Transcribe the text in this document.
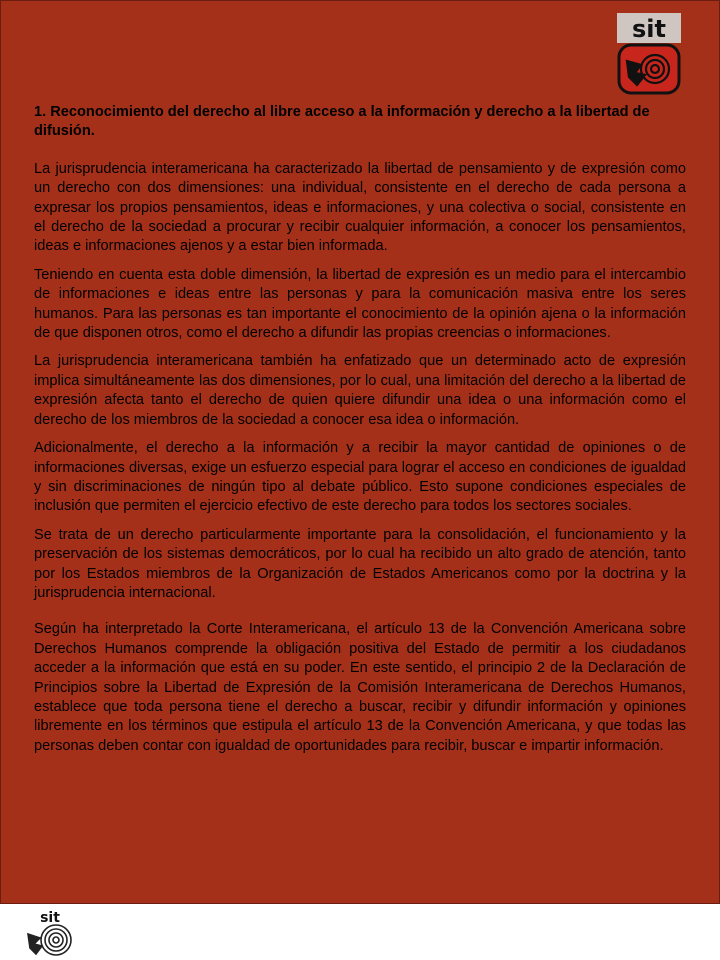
sit

1. Reconocimiento del derecho al libre acceso a la información y derecho a la libertad de difusión.

La jurisprudencia interamericana ha caracterizado la libertad de pensamiento y de expresión como un derecho con dos dimensiones: una individual, consistente en el derecho de cada persona a expresar los propios pensamientos, ideas e informaciones, y una colectiva o social, consistente en el derecho de la sociedad a procurar y recibir cualquier información, a conocer los pensamientos, ideas e informaciones ajenos y a estar bien informada.

Teniendo en cuenta esta doble dimensión, la libertad de expresión es un medio para el intercambio de informaciones e ideas entre las personas y para la comunicación masiva entre los seres humanos. Para las personas es tan importante el conocimiento de la opinión ajena o la información de que disponen otros, como el derecho a difundir las propias creencias o informaciones.

La jurisprudencia interamericana también ha enfatizado que un determinado acto de expresión implica simultáneamente las dos dimensiones, por lo cual, una limitación del derecho a la libertad de expresión afecta tanto el derecho de quien quiere difundir una idea o una información como el derecho de los miembros de la sociedad a conocer esa idea o información.

Adicionalmente, el derecho a la información y a recibir la mayor cantidad de opiniones o de informaciones diversas, exige un esfuerzo especial para lograr el acceso en condiciones de igualdad y sin discriminaciones de ningún tipo al debate público. Esto supone condiciones especiales de inclusión que permiten el ejercicio efectivo de este derecho para todos los sectores sociales.

Se trata de un derecho particularmente importante para la consolidación, el funcionamiento y la preservación de los sistemas democráticos, por lo cual ha recibido un alto grado de atención, tanto por los Estados miembros de la Organización de Estados Americanos como por la doctrina y la jurisprudencia internacional.

Según ha interpretado la Corte Interamericana, el artículo 13 de la Convención Americana sobre Derechos Humanos comprende la obligación positiva del Estado de permitir a los ciudadanos acceder a la información que está en su poder. En este sentido, el principio 2 de la Declaración de Principios sobre la Libertad de Expresión de la Comisión Interamericana de Derechos Humanos, establece que toda persona tiene el derecho a buscar, recibir y difundir información y opiniones libremente en los términos que estipula el artículo 13 de la Convención Americana, y que todas las personas deben contar con igualdad de oportunidades para recibir, buscar e impartir información.

sit
